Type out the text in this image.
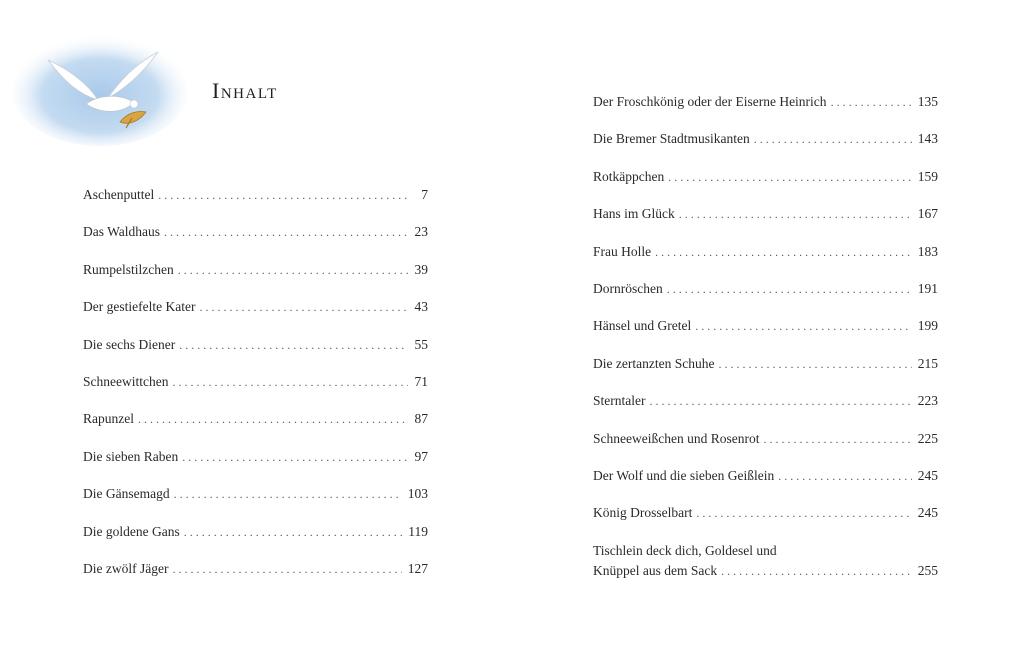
Inhalt
Aschenputtel . . .	7
Das Waldhaus . . .	23
Rumpelstilzchen . . .	39
Der gestiefelte Kater . . .	43
Die sechs Diener . . .	55
Schneewittchen . . .	71
Rapunzel . . .	87
Die sieben Raben . . .	97
Die Gänsemagd . . .	103
Die goldene Gans . . .	119
Die zwölf Jäger . . .	127
Der Froschkönig oder der Eiserne Heinrich . . .	135
Die Bremer Stadtmusikanten . . .	143
Rotkäppchen . . .	159
Hans im Glück . . .	167
Frau Holle . . .	183
Dornröschen . . .	191
Hänsel und Gretel . . .	199
Die zertanzten Schuhe . . .	215
Sterntaler . . .	223
Schneeweißchen und Rosenrot . . .	225
Der Wolf und die sieben Geißlein . . .	245
König Drosselbart . . .	245
Tischlein deck dich, Goldesel und
Knüppel aus dem Sack . . .	255
